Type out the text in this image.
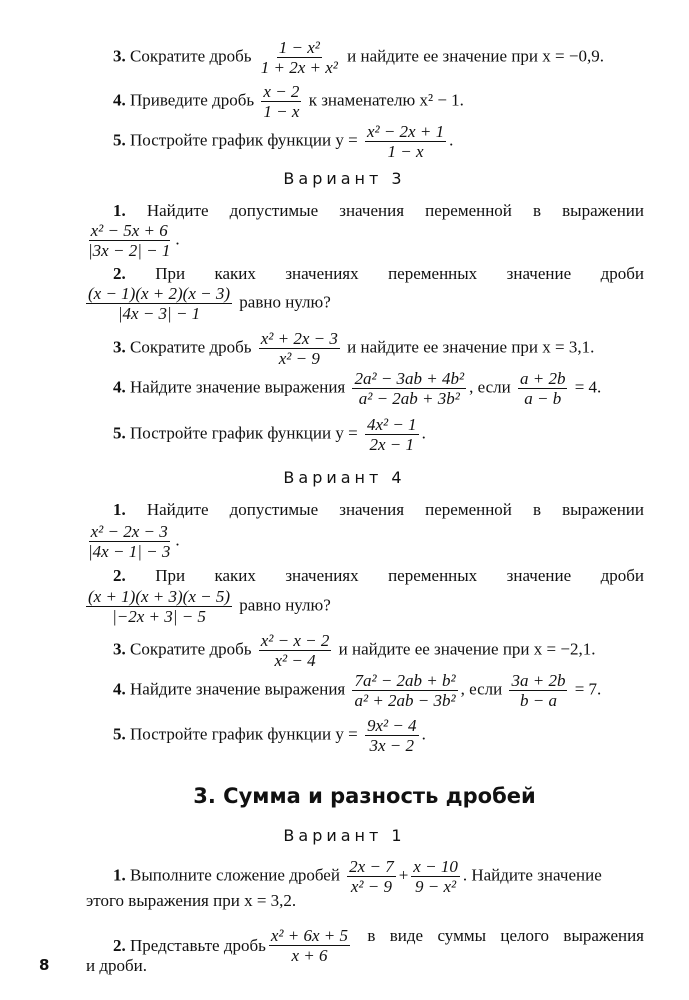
3. Сократите дробь $\frac{\text{1 − x²}}{\text{1 + 2x + x²}}$ и найдите ее значение при x = −0,9.
4. Приведите дробь $\frac{x - 2}{1 - x}$ к знаменателю x² − 1.
5. Постройте график функции $y = \frac{\text{x² − 2x + 1}}{1 - x}$ .
Вариант 3
1. Найдите допустимые значения переменной в выражении
$\frac{\text{x² − 5x + 6}}{|3x - 2| - 1}$ .
2. При каких значениях переменных значение дроби
$\frac{(x - 1)(x + 2)(x - 3)}{|4x - 3| - 1}$ равно нулю?
3. Сократите дробь $\frac{\text{x² + 2x − 3}}{\text{x² − 9}}$ и найдите ее значение при x = 3,1.
4. Найдите значение выражения $\frac{\text{2a² − 3ab + 4b²}}{\text{a² − 2ab + 3b²}}$ , если $\frac{a + 2b}{a - b} = 4$.
5. Постройте график функции $y = \frac{\text{4x² − 1}}{2x - 1}$ .
Вариант 4
1. Найдите допустимые значения переменной в выражении
$\frac{\text{x² − 2x − 3}}{|4x - 1| - 3}$ .
2. При каких значениях переменных значение дроби
$\frac{(x + 1)(x + 3)(x - 5)}{|-2x + 3| - 5}$ равно нулю?
3. Сократите дробь $\frac{\text{x² − x − 2}}{\text{x² − 4}}$ и найдите ее значение при x = −2,1.
4. Найдите значение выражения $\frac{\text{7a² − 2ab + b²}}{\text{a² + 2ab − 3b²}}$ , если $\frac{3a + 2b}{b - a} = 7$.
5. Постройте график функции $y = \frac{\text{9x² − 4}}{3x - 2}$ .
3. Сумма и разность дробей
Вариант 1
1. Выполните сложение дробей $\frac{2x - 7}{\text{x² − 9}} + \frac{x - 10}{\text{9 − x²}}$ . Найдите значение
этого выражения при x = 3,2.
2.
Представьте дробь $\frac{\text{x² + 6x + 5}}{x + 6}$ в виде суммы целого выражения
и дроби.
8
